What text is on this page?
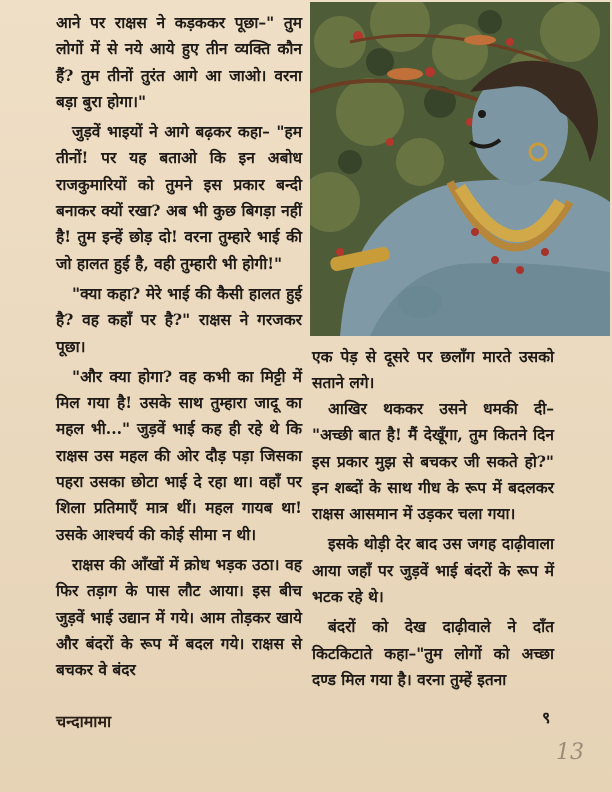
आने पर राक्षस ने कड़ककर पूछा–" तुम लोगों में से नये आये हुए तीन व्यक्ति कौन हैं? तुम तीनों तुरंत आगे आ जाओ। वरना बड़ा बुरा होगा।"

जुड़वें भाइयों ने आगे बढ़कर कहा– "हम तीनों! पर यह बताओ कि इन अबोध राजकुमारियों को तुमने इस प्रकार बन्दी बनाकर क्यों रखा? अब भी कुछ बिगड़ा नहीं है! तुम इन्हें छोड़ दो! वरना तुम्हारे भाई की जो हालत हुई है, वही तुम्हारी भी होगी!"

"क्या कहा? मेरे भाई की कैसी हालत हुई है? वह कहाँ पर है?" राक्षस ने गरजकर पूछा।

"और क्या होगा? वह कभी का मिट्टी में मिल गया है! उसके साथ तुम्हारा जादू का महल भी..." जुड़वें भाई कह ही रहे थे कि राक्षस उस महल की ओर दौड़ पड़ा जिसका पहरा उसका छोटा भाई दे रहा था। वहाँ पर शिला प्रतिमाएँ मात्र थीं। महल गायब था! उसके आश्चर्य की कोई सीमा न थी।

राक्षस की आँखों में क्रोध भड़क उठा। वह फिर तड़ाग के पास लौट आया। इस बीच जुड़वें भाई उद्यान में गये। आम तोड़कर खाये और बंदरों के रूप में बदल गये। राक्षस से बचकर वे बंदर

एक पेड़ से दूसरे पर छलाँग मारते उसको सताने लगे।

आखिर थककर उसने धमकी दी– "अच्छी बात है! मैं देखूँगा, तुम कितने दिन इस प्रकार मुझ से बचकर जी सकते हो?" इन शब्दों के साथ गीध के रूप में बदलकर राक्षस आसमान में उड़कर चला गया।

इसके थोड़ी देर बाद उस जगह दाढ़ीवाला आया जहाँ पर जुड़वें भाई बंदरों के रूप में भटक रहे थे।

बंदरों को देख दाढ़ीवाले ने दाँत किटकिटाते कहा–"तुम लोगों को अच्छा दण्ड मिल गया है। वरना तुम्हें इतना

चन्दामामा	९
13
